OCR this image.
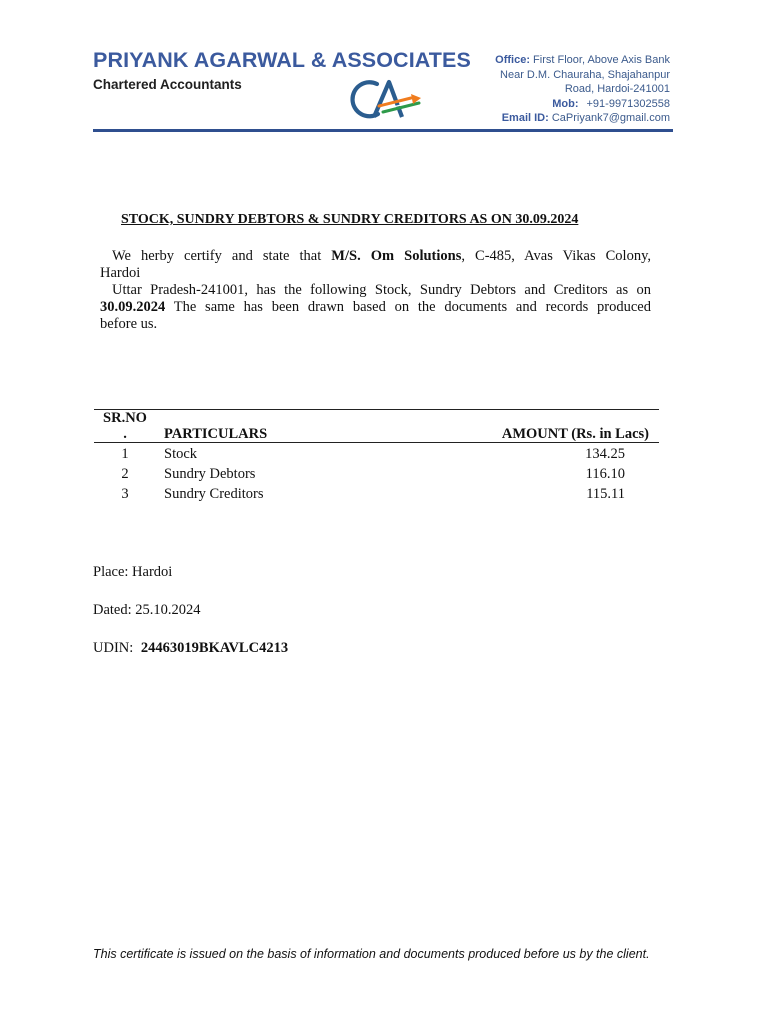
PRIYANK AGARWAL & ASSOCIATES
Chartered Accountants
Office: First Floor, Above Axis Bank
Near D.M. Chauraha, Shajahanpur
Road, Hardoi-241001
Mob: +91-9971302558
Email ID: CaPriyank7@gmail.com
STOCK, SUNDRY DEBTORS & SUNDRY CREDITORS AS ON 30.09.2024

We herby certify and state that M/S. Om Solutions, C-485, Avas Vikas Colony,

Hardoi

Uttar Pradesh-241001, has the following Stock, Sundry Debtors and Creditors as on

30.09.2024 The same has been drawn based on the documents and records produced

before us.

SR.NO
.	PARTICULARS	AMOUNT (Rs. in Lacs)
1	Stock	134.25
2	Sundry Debtors	116.10
3	Sundry Creditors	115.11
Place: Hardoi
Dated: 25.10.2024
UDIN: 24463019BKAVLC4213
This certificate is issued on the basis of information and documents produced before us by the client.
